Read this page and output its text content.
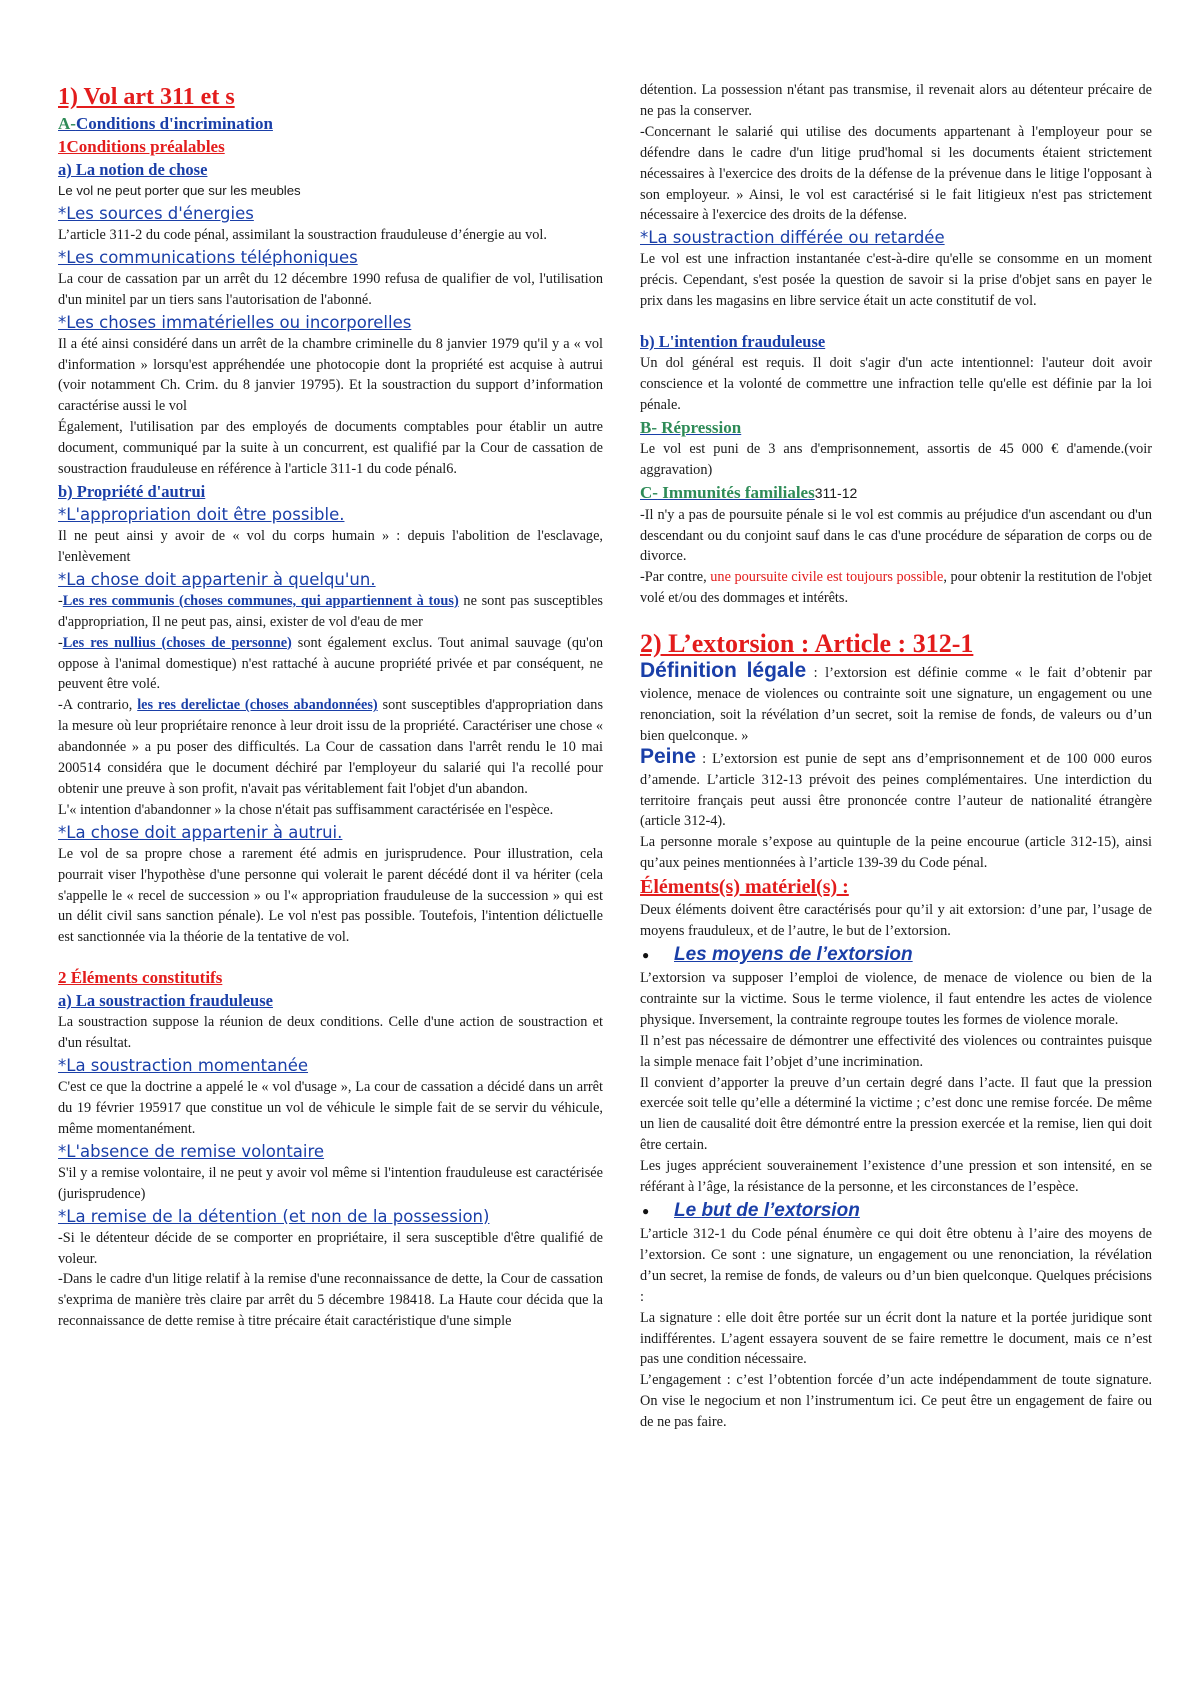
1) Vol art 311 et s

A-Conditions d'incrimination

1Conditions préalables

a) La notion de chose

Le vol ne peut porter que sur les meubles

*Les sources d'énergies

L’article 311-2 du code pénal, assimilant la soustraction frauduleuse d’énergie au vol.

*Les communications téléphoniques

La cour de cassation par un arrêt du 12 décembre 1990 refusa de qualifier de vol, l'utilisation d'un minitel par un tiers sans l'autorisation de l'abonné.

*Les choses immatérielles ou incorporelles

Il a été ainsi considéré dans un arrêt de la chambre criminelle du 8 janvier 1979 qu'il y a « vol d'information » lorsqu'est appréhendée une photocopie dont la propriété est acquise à autrui (voir notamment Ch. Crim. du 8 janvier 19795). Et la soustraction du support d’information caractérise aussi le vol

Également, l'utilisation par des employés de documents comptables pour établir un autre document, communiqué par la suite à un concurrent, est qualifié par la Cour de cassation de soustraction frauduleuse en référence à l'article 311-1 du code pénal6.

b) Propriété d'autrui

*L'appropriation doit être possible.

Il ne peut ainsi y avoir de « vol du corps humain » : depuis l'abolition de l'esclavage, l'enlèvement

*La chose doit appartenir à quelqu'un.

-Les res communis (choses communes, qui appartiennent à tous) ne sont pas susceptibles d'appropriation, Il ne peut pas, ainsi, exister de vol d'eau de mer

-Les res nullius (choses de personne) sont également exclus. Tout animal sauvage (qu'on oppose à l'animal domestique) n'est rattaché à aucune propriété privée et par conséquent, ne peuvent être volé.

-A contrario, les res derelictae (choses abandonnées) sont susceptibles d'appropriation dans la mesure où leur propriétaire renonce à leur droit issu de la propriété. Caractériser une chose « abandonnée » a pu poser des difficultés. La Cour de cassation dans l'arrêt rendu le 10 mai 200514 considéra que le document déchiré par l'employeur du salarié qui l'a recollé pour obtenir une preuve à son profit, n'avait pas véritablement fait l'objet d'un abandon.

L'« intention d'abandonner » la chose n'était pas suffisamment caractérisée en l'espèce.

*La chose doit appartenir à autrui.

Le vol de sa propre chose a rarement été admis en jurisprudence. Pour illustration, cela pourrait viser l'hypothèse d'une personne qui volerait le parent décédé dont il va hériter (cela s'appelle le « recel de succession » ou l'« appropriation frauduleuse de la succession » qui est un délit civil sans sanction pénale). Le vol n'est pas possible. Toutefois, l'intention délictuelle est sanctionnée via la théorie de la tentative de vol.

2 Éléments constitutifs

a) La soustraction frauduleuse

La soustraction suppose la réunion de deux conditions. Celle d'une action de soustraction et d'un résultat.

*La soustraction momentanée

C'est ce que la doctrine a appelé le « vol d'usage », La cour de cassation a décidé dans un arrêt du 19 février 195917 que constitue un vol de véhicule le simple fait de se servir du véhicule, même momentanément.

*L'absence de remise volontaire

S'il y a remise volontaire, il ne peut y avoir vol même si l'intention frauduleuse est caractérisée (jurisprudence)

*La remise de la détention (et non de la possession)

-Si le détenteur décide de se comporter en propriétaire, il sera susceptible d'être qualifié de voleur.

-Dans le cadre d'un litige relatif à la remise d'une reconnaissance de dette, la Cour de cassation s'exprima de manière très claire par arrêt du 5 décembre 198418. La Haute cour décida que la reconnaissance de dette remise à titre précaire était caractéristique d'une simple

détention. La possession n'étant pas transmise, il revenait alors au détenteur précaire de ne pas la conserver.

-Concernant le salarié qui utilise des documents appartenant à l'employeur pour se défendre dans le cadre d'un litige prud'homal si les documents étaient strictement nécessaires à l'exercice des droits de la défense de la prévenue dans le litige l'opposant à son employeur. » Ainsi, le vol est caractérisé si le fait litigieux n'est pas strictement nécessaire à l'exercice des droits de la défense.

*La soustraction différée ou retardée

Le vol est une infraction instantanée c'est-à-dire qu'elle se consomme en un moment précis. Cependant, s'est posée la question de savoir si la prise d'objet sans en payer le prix dans les magasins en libre service était un acte constitutif de vol.

b) L'intention frauduleuse

Un dol général est requis. Il doit s'agir d'un acte intentionnel: l'auteur doit avoir conscience et la volonté de commettre une infraction telle qu'elle est définie par la loi pénale.

B- Répression

Le vol est puni de 3 ans d'emprisonnement, assortis de 45 000 € d'amende.(voir aggravation)

C- Immunités familiales311-12

-Il n'y a pas de poursuite pénale si le vol est commis au préjudice d'un ascendant ou d'un descendant ou du conjoint sauf dans le cas d'une procédure de séparation de corps ou de divorce.

-Par contre, une poursuite civile est toujours possible, pour obtenir la restitution de l'objet volé et/ou des dommages et intérêts.

2) L’extorsion : Article : 312-1

Définition légale : l’extorsion est définie comme « le fait d’obtenir par violence, menace de violences ou contrainte soit une signature, un engagement ou une renonciation, soit la révélation d’un secret, soit la remise de fonds, de valeurs ou d’un bien quelconque. »

Peine : L’extorsion est punie de sept ans d’emprisonnement et de 100 000 euros d’amende. L’article 312-13 prévoit des peines complémentaires. Une interdiction du territoire français peut aussi être prononcée contre l’auteur de nationalité étrangère (article 312-4).

La personne morale s’expose au quintuple de la peine encourue (article 312-15), ainsi qu’aux peines mentionnées à l’article 139-39 du Code pénal.

Éléments(s) matériel(s) :

Deux éléments doivent être caractérisés pour qu’il y ait extorsion: d’une par, l’usage de moyens frauduleux, et de l’autre, le but de l’extorsion.

● Les moyens de l’extorsion

L’extorsion va supposer l’emploi de violence, de menace de violence ou bien de la contrainte sur la victime. Sous le terme violence, il faut entendre les actes de violence physique. Inversement, la contrainte regroupe toutes les formes de violence morale.

Il n’est pas nécessaire de démontrer une effectivité des violences ou contraintes puisque la simple menace fait l’objet d’une incrimination.

Il convient d’apporter la preuve d’un certain degré dans l’acte. Il faut que la pression exercée soit telle qu’elle a déterminé la victime ; c’est donc une remise forcée. De même un lien de causalité doit être démontré entre la pression exercée et la remise, lien qui doit être certain.

Les juges apprécient souverainement l’existence d’une pression et son intensité, en se référant à l’âge, la résistance de la personne, et les circonstances de l’espèce.

● Le but de l’extorsion

L’article 312-1 du Code pénal énumère ce qui doit être obtenu à l’aire des moyens de l’extorsion. Ce sont : une signature, un engagement ou une renonciation, la révélation d’un secret, la remise de fonds, de valeurs ou d’un bien quelconque. Quelques précisions :

La signature : elle doit être portée sur un écrit dont la nature et la portée juridique sont indifférentes. L’agent essayera souvent de se faire remettre le document, mais ce n’est pas une condition nécessaire.

L’engagement : c’est l’obtention forcée d’un acte indépendamment de toute signature. On vise le negocium et non l’instrumentum ici. Ce peut être un engagement de faire ou de ne pas faire.
